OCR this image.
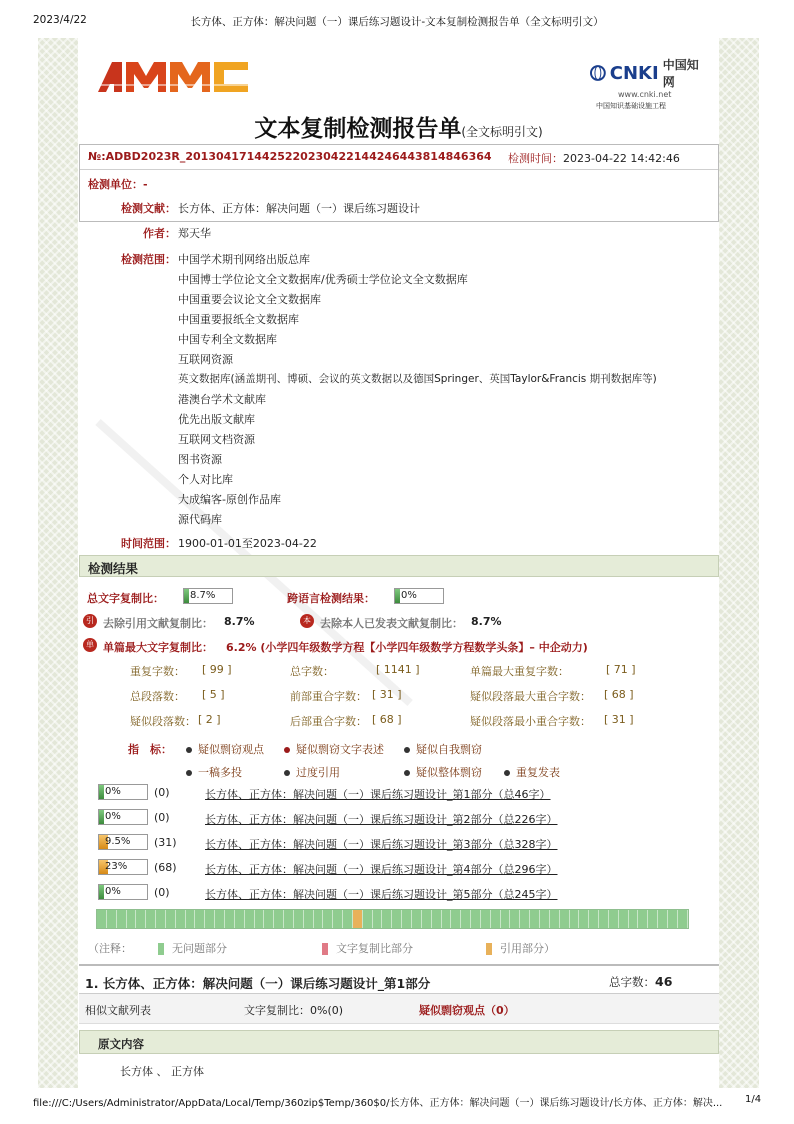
2023/4/22	长方体、正方体：解决问题（一）课后练习题设计-文本复制检测报告单（全文标明引文）
CNKI 中国知网
www.cnki.net
中国知识基础设施工程
文本复制检测报告单(全文标明引文)
№:ADBD2023R_2013041714425220230422144246443814846364 检测时间：2023-04-22 14:42:46
检测单位：-
检测文献： 长方体、正方体：解决问题（一）课后练习题设计
作者： 郑天华
检测范围： 中国学术期刊网络出版总库
中国博士学位论文全文数据库/优秀硕士学位论文全文数据库
中国重要会议论文全文数据库
中国重要报纸全文数据库
中国专利全文数据库
互联网资源
英文数据库(涵盖期刊、博硕、会议的英文数据以及德国Springer、英国Taylor&Francis 期刊数据库等)
港澳台学术文献库
优先出版文献库
互联网文档资源
图书资源
个人对比库
大成编客-原创作品库
源代码库
时间范围： 1900-01-01至2023-04-22
检测结果
总文字复制比：	8.7%	跨语言检测结果：	0%
引 去除引用文献复制比： 8.7%	本 去除本人已发表文献复制比： 8.7%
单 单篇最大文字复制比： 6.2% (小学四年级数学方程【小学四年级数学方程数学头条】– 中企动力)
重复字数： [ 99 ]	总字数：	[ 1141 ]	单篇最大重复字数：	[ 71 ]
总段落数： [ 5 ]	前部重合字数： [ 31 ]	疑似段落最大重合字数： [ 68 ]
疑似段落数： [ 2 ]	后部重合字数： [ 68 ]	疑似段落最小重合字数： [ 31 ]
指　标：	疑似剽窃观点	疑似剽窃文字表述	疑似自我剽窃
一稿多投	过度引用	疑似整体剽窃	重复发表
0%	(0)	长方体、正方体：解决问题（一）课后练习题设计_第1部分（总46字）
0%	(0)	长方体、正方体：解决问题（一）课后练习题设计_第2部分（总226字）
9.5%	(31)	长方体、正方体：解决问题（一）课后练习题设计_第3部分（总328字）
23%	(68)	长方体、正方体：解决问题（一）课后练习题设计_第4部分（总296字）
0%	(0)	长方体、正方体：解决问题（一）课后练习题设计_第5部分（总245字）
（注释：	无问题部分	文字复制比部分	引用部分）
1. 长方体、正方体：解决问题（一）课后练习题设计_第1部分	总字数：46
相似文献列表	文字复制比：0%(0)	疑似剽窃观点（0）
原文内容
长方体 、 正方体
file:///C:/Users/Administrator/AppData/Local/Temp/360zip$Temp/360$0/长方体、正方体：解决问题（一）课后练习题设计/长方体、正方体：解决...	1/4
